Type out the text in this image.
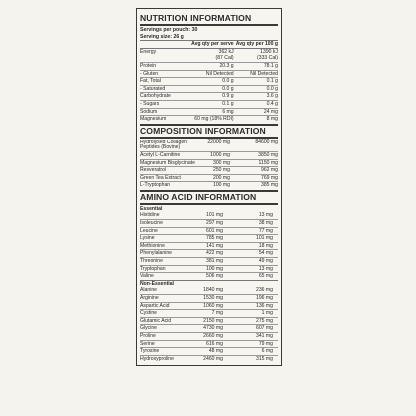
NUTRITION INFORMATION
Servings per pouch: 30
Serving size: 26 g
Avg qty per serve Avg qty per 100 g
Energy	362 kJ	1390 kJ
(87 Cal)	(333 Cal)
Protein	20.3 g	78.1 g
- Gluten	Nil Detected	Nil Detected
Fat, Total	0.0 g	0.1 g
- Saturated	0.0 g	0.0 g
Carbohydrate	0.9 g	3.6 g
- Sugars	0.1 g	0.4 g
Sodium	6 mg	24 mg
Magnesium	60 mg (18% RDI)	8 mg
COMPOSITION INFORMATION
Hydrolysed Collagen Peptides (Bovine)
22000 mg	84600 mg
Acetyl L-Carnitine	1000 mg	3850 mg
Magnesium Bisglycinate	300 mg	1150 mg
Resveratrol	250 mg	962 mg
Green Tea Extract	200 mg	769 mg
L-Tryptophan	100 mg	385 mg
AMINO ACID INFORMATION
Essential
Histidine	101 mg	13 mg
Isoleucine	297 mg	38 mg
Leucine	601 mg	77 mg
Lysine	785 mg	101 mg
Methionine	141 mg	18 mg
Phenylalanine	422 mg	54 mg
Threonine	381 mg	49 mg
Tryptophan	100 mg	13 mg
Valine	506 mg	65 mg
Non-Essential
Alanine	1840 mg	236 mg
Arginine	1530 mg	196 mg
Aspartic Acid	1060 mg	136 mg
Cystine	7 mg	1 mg
Glutamic Acid	2150 mg	275 mg
Glycine	4730 mg	607 mg
Proline	2660 mg	341 mg
Serine	616 mg	79 mg
Tyrosine	48 mg	6 mg
Hydroxyproline	2460 mg	315 mg
